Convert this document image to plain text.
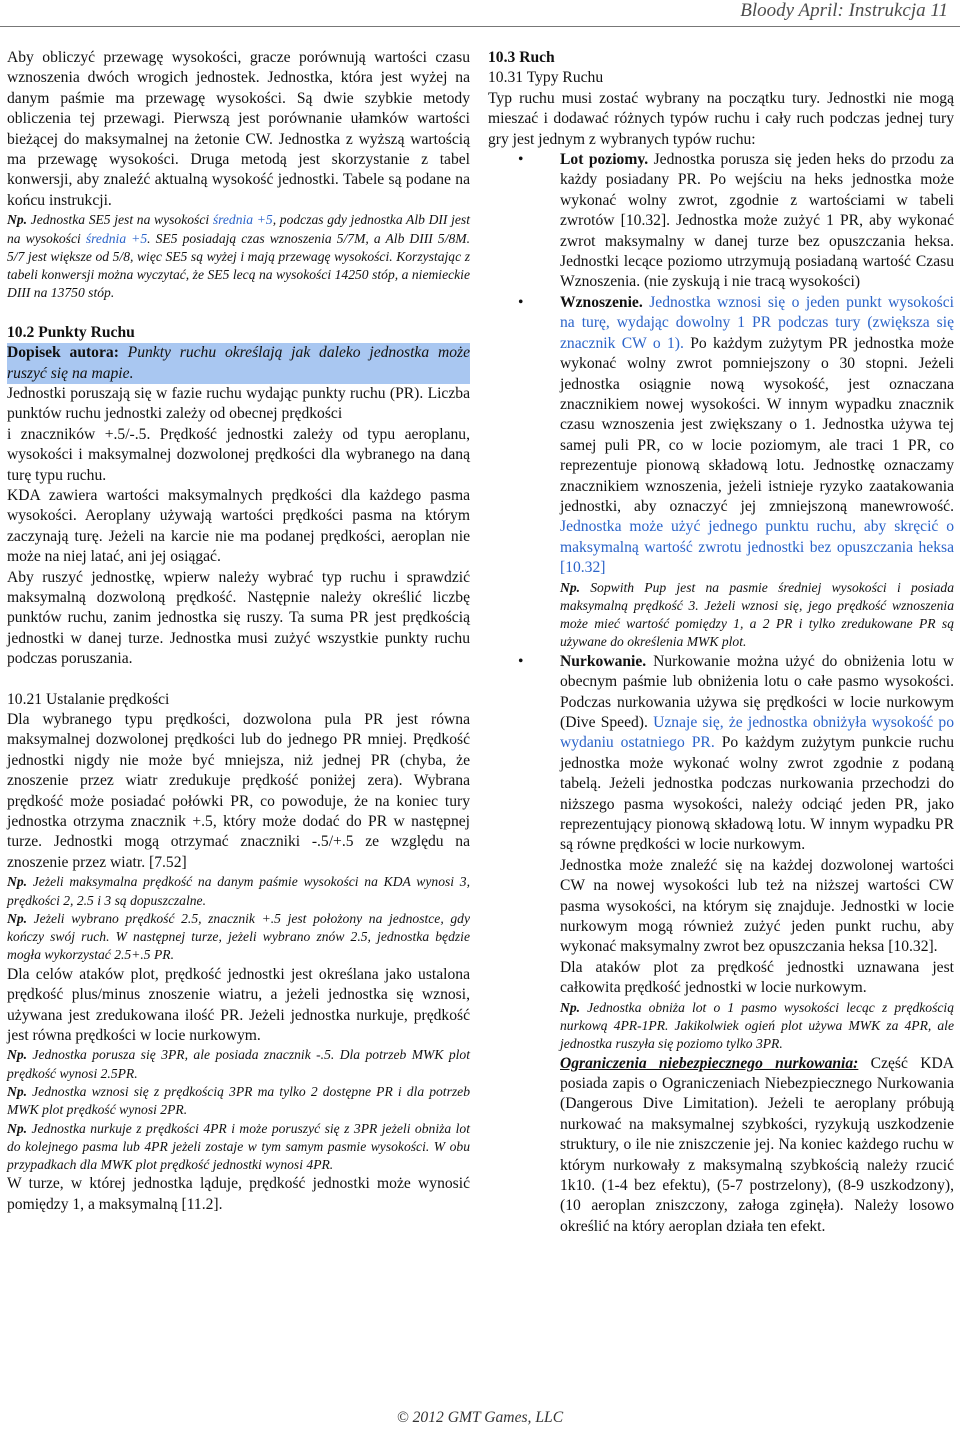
Bloody April: Instrukcja 11

Aby obliczyć przewagę wysokości, gracze porównują wartości czasu wznoszenia dwóch wrogich jednostek. Jednostka, która jest wyżej na danym paśmie ma przewagę wysokości. Są dwie szybkie metody obliczenia tej przewagi. Pierwszą jest porównanie ułamków wartości bieżącej do maksymalnej na żetonie CW. Jednostka z wyższą wartością ma przewagę wysokości. Druga metodą jest skorzystanie z tabel konwersji, aby znaleźć aktualną wysokość jednostki. Tabele są podane na końcu instrukcji.

Np. Jednostka SE5 jest na wysokości średnia +5, podczas gdy jednostka Alb DII jest na wysokości średnia +5. SE5 posiadają czas wznoszenia 5/7M, a Alb DIII 5/8M. 5/7 jest większe od 5/8, więc SE5 są wyżej i mają przewagę wysokości. Korzystając z tabeli konwersji można wyczytać, że SE5 lecą na wysokości 14250 stóp, a niemieckie DIII na 13750 stóp.

10.2 Punkty Ruchu

Dopisek autora: Punkty ruchu określają jak daleko jednostka może ruszyć się na mapie.

Jednostki poruszają się w fazie ruchu wydając punkty ruchu (PR). Liczba punktów ruchu jednostki zależy od obecnej prędkości

i znaczników +.5/-.5. Prędkość jednostki zależy od typu aeroplanu, wysokości i maksymalnej dozwolonej prędkości dla wybranego na daną turę typu ruchu.

KDA zawiera wartości maksymalnych prędkości dla każdego pasma wysokości. Aeroplany używają wartości prędkości pasma na którym zaczynają turę. Jeżeli na karcie nie ma podanej prędkości, aeroplan nie może na niej latać, ani jej osiągać.

Aby ruszyć jednostkę, wpierw należy wybrać typ ruchu i sprawdzić maksymalną dozwoloną prędkość. Następnie należy określić liczbę punktów ruchu, zanim jednostka się ruszy. Ta suma PR jest prędkością jednostki w danej turze. Jednostka musi zużyć wszystkie punkty ruchu podczas poruszania.

10.21 Ustalanie prędkości

Dla wybranego typu prędkości, dozwolona pula PR jest równa maksymalnej dozwolonej prędkości lub do jednego PR mniej. Prędkość jednostki nigdy nie może być mniejsza, niż jednej PR (chyba, że znoszenie przez wiatr zredukuje prędkość poniżej zera). Wybrana prędkość może posiadać połówki PR, co powoduje, że na koniec tury jednostka otrzyma znacznik +.5, który może dodać do PR w następnej turze. Jednostki mogą otrzymać znaczniki -.5/+.5 ze względu na znoszenie przez wiatr. [7.52]

Np. Jeżeli maksymalna prędkość na danym paśmie wysokości na KDA wynosi 3, prędkości 2, 2.5 i 3 są dopuszczalne.

Np. Jeżeli wybrano prędkość 2.5, znacznik +.5 jest położony na jednostce, gdy kończy swój ruch. W następnej turze, jeżeli wybrano znów 2.5, jednostka będzie mogła wykorzystać 2.5+.5 PR.

Dla celów ataków plot, prędkość jednostki jest określana jako ustalona prędkość plus/minus znoszenie wiatru, a jeżeli jednostka się wznosi, używana jest zredukowana ilość PR. Jeżeli jednostka nurkuje, prędkość jest równa prędkości w locie nurkowym.

Np. Jednostka porusza się 3PR, ale posiada znacznik -.5. Dla potrzeb MWK plot prędkość wynosi 2.5PR.

Np. Jednostka wznosi się z prędkością 3PR ma tylko 2 dostępne PR i dla potrzeb MWK plot prędkość wynosi 2PR.

Np. Jednostka nurkuje z prędkości 4PR i może poruszyć się z 3PR jeżeli obniża lot do kolejnego pasma lub 4PR jeżeli zostaje w tym samym pasmie wysokości. W obu przypadkach dla MWK plot prędkość jednostki wynosi 4PR.

W turze, w której jednostka ląduje, prędkość jednostki może wynosić pomiędzy 1, a maksymalną [11.2].

10.3 Ruch

10.31 Typy Ruchu

Typ ruchu musi zostać wybrany na początku tury. Jednostki nie mogą mieszać i dodawać różnych typów ruchu i cały ruch podczas jednej tury gry jest jednym z wybranych typów ruchu:

• Lot poziomy. Jednostka porusza się jeden heks do przodu za każdy posiadany PR. Po wejściu na heks jednostka może wykonać wolny zwrot, zgodnie z wartościami w tabeli zwrotów [10.32]. Jednostka może zużyć 1 PR, aby wykonać zwrot maksymalny w danej turze bez opuszczania heksa. Jednostki lecące poziomo utrzymują posiadaną wartość Czasu Wznoszenia. (nie zyskują i nie tracą wysokości)

• Wznoszenie. Jednostka wznosi się o jeden punkt wysokości na turę, wydając dowolny 1 PR podczas tury (zwiększa się znacznik CW o 1). Po każdym zużytym PR jednostka może wykonać wolny zwrot pomniejszony o 30 stopni. Jeżeli jednostka osiągnie nową wysokość, jest oznaczana znacznikiem nowej wysokości. W innym wypadku znacznik czasu wznoszenia jest zwiększany o 1. Jednostka używa tej samej puli PR, co w locie poziomym, ale traci 1 PR, co reprezentuje pionową składową lotu. Jednostkę oznaczamy znacznikiem wznoszenia, jeżeli istnieje ryzyko zaatakowania jednostki, aby oznaczyć jej zmniejszoną manewrowość. Jednostka może użyć jednego punktu ruchu, aby skręcić o maksymalną wartość zwrotu jednostki bez opuszczania heksa [10.32]

Np. Sopwith Pup jest na pasmie średniej wysokości i posiada maksymalną prędkość 3. Jeżeli wznosi się, jego prędkość wznoszenia może mieć wartość pomiędzy 1, a 2 PR i tylko zredukowane PR są używane do określenia MWK plot.

• Nurkowanie. Nurkowanie można użyć do obniżenia lotu w obecnym paśmie lub obniżenia lotu o całe pasmo wysokości. Podczas nurkowania używa się prędkości w locie nurkowym (Dive Speed). Uznaje się, że jednostka obniżyła wysokość po wydaniu ostatniego PR. Po każdym zużytym punkcie ruchu jednostka może wykonać wolny zwrot zgodnie z podaną tabelą. Jeżeli jednostka podczas nurkowania przechodzi do niższego pasma wysokości, należy odciąć jeden PR, jako reprezentujący pionową składową lotu. W innym wypadku PR są równe prędkości w locie nurkowym.

Jednostka może znaleźć się na każdej dozwolonej wartości CW na nowej wysokości lub też na niższej wartości CW pasma wysokości, na którym się znajduje. Jednostki w locie nurkowym mogą również zużyć jeden punkt ruchu, aby wykonać maksymalny zwrot bez opuszczania heksa [10.32].

Dla ataków plot za prędkość jednostki uznawana jest całkowita prędkość jednostki w locie nurkowym.

Np. Jednostka obniża lot o 1 pasmo wysokości lecąc z prędkością nurkową 4PR-1PR. Jakikolwiek ogień plot używa MWK za 4PR, ale jednostka ruszyła się poziomo tylko 3PR.

Ograniczenia niebezpiecznego nurkowania: Część KDA posiada zapis o Ograniczeniach Niebezpiecznego Nurkowania (Dangerous Dive Limitation). Jeżeli te aeroplany próbują nurkować na maksymalnej szybkości, ryzykują uszkodzenie struktury, o ile nie zniszczenie jej. Na koniec każdego ruchu w którym nurkowały z maksymalną szybkością należy rzucić 1k10. (1-4 bez efektu), (5-7 postrzelony), (8-9 uszkodzony), (10 aeroplan zniszczony, załoga zginęła). Należy losowo określić na który aeroplan działa ten efekt.

© 2012 GMT Games, LLC
